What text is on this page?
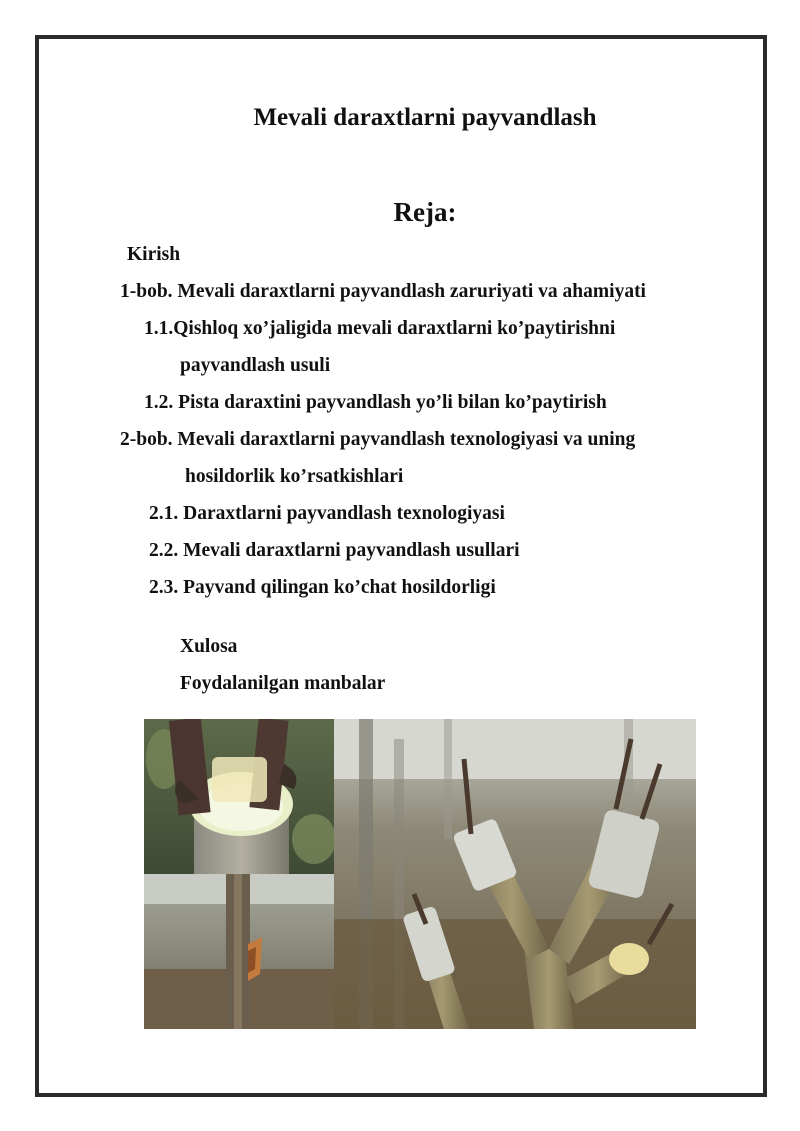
Mevali daraxtlarni payvandlash
Reja:
Kirish
1-bob. Mevali daraxtlarni payvandlash zaruriyati va ahamiyati
1.1.Qishloq xo’jaligida mevali daraxtlarni ko’paytirishni
payvandlash usuli
1.2. Pista daraxtini payvandlash yo’li bilan ko’paytirish
2-bob. Mevali daraxtlarni payvandlash texnologiyasi va uning
hosildorlik ko’rsatkishlari
2.1. Daraxtlarni payvandlash texnologiyasi
2.2. Mevali daraxtlarni payvandlash usullari
2.3. Payvand qilingan ko’chat hosildorligi
Xulosa
Foydalanilgan manbalar
